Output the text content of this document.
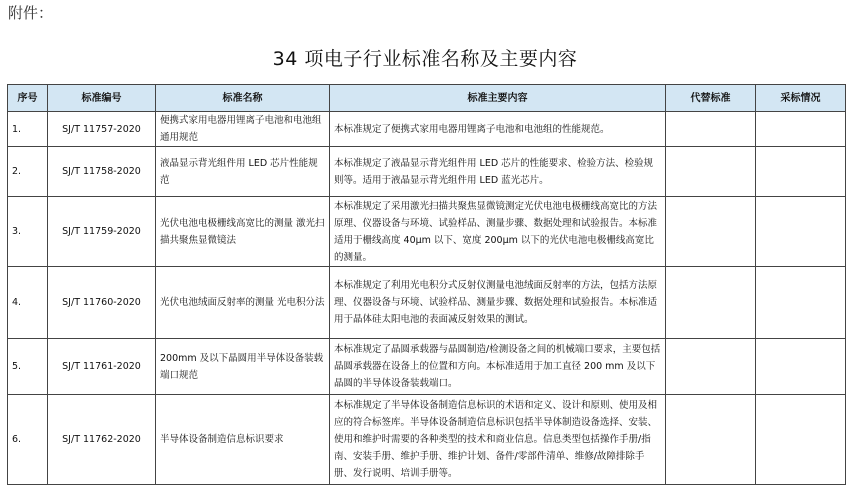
附件：
34 项电子行业标准名称及主要内容
序号	标准编号	标准名称	标准主要内容	代替标准	采标情况
1.	SJ/T 11757-2020	便携式家用电器用锂离子电池和电池组 通用规范	本标准规定了便携式家用电器用锂离子电池和电池组的性能规范。		
2.	SJ/T 11758-2020	液晶显示背光组件用 LED 芯片性能规范	本标准规定了液晶显示背光组件用 LED 芯片的性能要求、检验方法、检验规则等。适用于液晶显示背光组件用 LED 蓝光芯片。		
3.	SJ/T 11759-2020	光伏电池电极栅线高宽比的测量 激光扫描共聚焦显微镜法	本标准规定了采用激光扫描共聚焦显微镜测定光伏电池电极栅线高宽比的方法原理、仪器设备与环境、试验样品、测量步骤、数据处理和试验报告。本标准适用于栅线高度 40μm 以下、宽度 200μm 以下的光伏电池电极栅线高宽比的测量。		
4.	SJ/T 11760-2020	光伏电池绒面反射率的测量 光电积分法	本标准规定了利用光电积分式反射仪测量电池绒面反射率的方法，包括方法原理、仪器设备与环境、试验样品、测量步骤、数据处理和试验报告。本标准适用于晶体硅太阳电池的表面减反射效果的测试。		
5.	SJ/T 11761-2020	200mm 及以下晶圆用半导体设备装载端口规范	本标准规定了晶圆承载器与晶圆制造/检测设备之间的机械端口要求，主要包括晶圆承载器在设备上的位置和方向。本标准适用于加工直径 200 mm 及以下晶圆的半导体设备装载端口。		
6.	SJ/T 11762-2020	半导体设备制造信息标识要求	本标准规定了半导体设备制造信息标识的术语和定义、设计和原则、使用及相应的符合标签库。半导体设备制造信息标识包括半导体制造设备选择、安装、使用和维护时需要的各种类型的技术和商业信息。信息类型包括操作手册/指南、安装手册、维护手册、维护计划、备件/零部件清单、维修/故障排除手册、发行说明、培训手册等。		
